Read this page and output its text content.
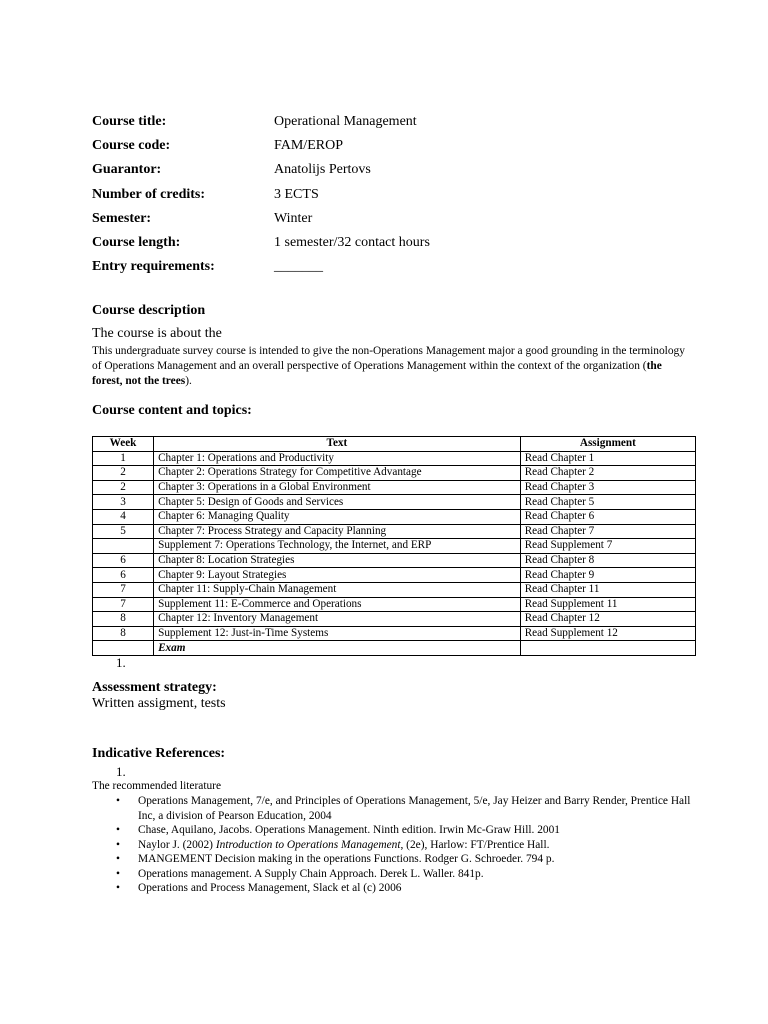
Course title:	Operational Management
Course code:	FAM/EROP
Guarantor:	Anatolijs Pertovs
Number of credits:	3 ECTS
Semester:	Winter
Course length:	1 semester/32 contact hours
Entry requirements:	_______
Course description
The course is about the
This undergraduate survey course is intended to give the non-Operations Management major a good grounding in the terminology of Operations Management and an overall perspective of Operations Management within the context of the organization (the forest, not the trees).
Course content and topics:
Week	Text	Assignment
1	Chapter 1: Operations and Productivity	Read Chapter 1
2	Chapter 2: Operations Strategy for Competitive Advantage	Read Chapter 2
2	Chapter 3: Operations in a Global Environment	Read Chapter 3
3	Chapter 5: Design of Goods and Services	Read Chapter 5
4	Chapter 6: Managing Quality	Read Chapter 6
5	Chapter 7: Process Strategy and Capacity Planning	Read Chapter 7
	Supplement 7: Operations Technology, the Internet, and ERP	Read Supplement 7
6	Chapter 8: Location Strategies	Read Chapter 8
6	Chapter 9: Layout Strategies	Read Chapter 9
7	Chapter 11: Supply-Chain Management	Read Chapter 11
7	Supplement 11: E-Commerce and Operations	Read Supplement 11
8	Chapter 12: Inventory Management	Read Chapter 12
8	Supplement 12: Just-in-Time Systems	Read Supplement 12
	Exam	
1.
Assessment strategy:
Written assigment, tests
Indicative References:
1.
The recommended literature
• Operations Management, 7/e, and Principles of Operations Management, 5/e, Jay Heizer and Barry Render, Prentice Hall Inc, a division of Pearson Education, 2004
• Chase, Aquilano, Jacobs. Operations Management. Ninth edition. Irwin Mc-Graw Hill. 2001
• Naylor J. (2002) Introduction to Operations Management, (2e), Harlow: FT/Prentice Hall.
• MANGEMENT Decision making in the operations Functions. Rodger G. Schroeder. 794 p.
• Operations management. A Supply Chain Approach. Derek L. Waller. 841p.
• Operations and Process Management, Slack et al (c) 2006
